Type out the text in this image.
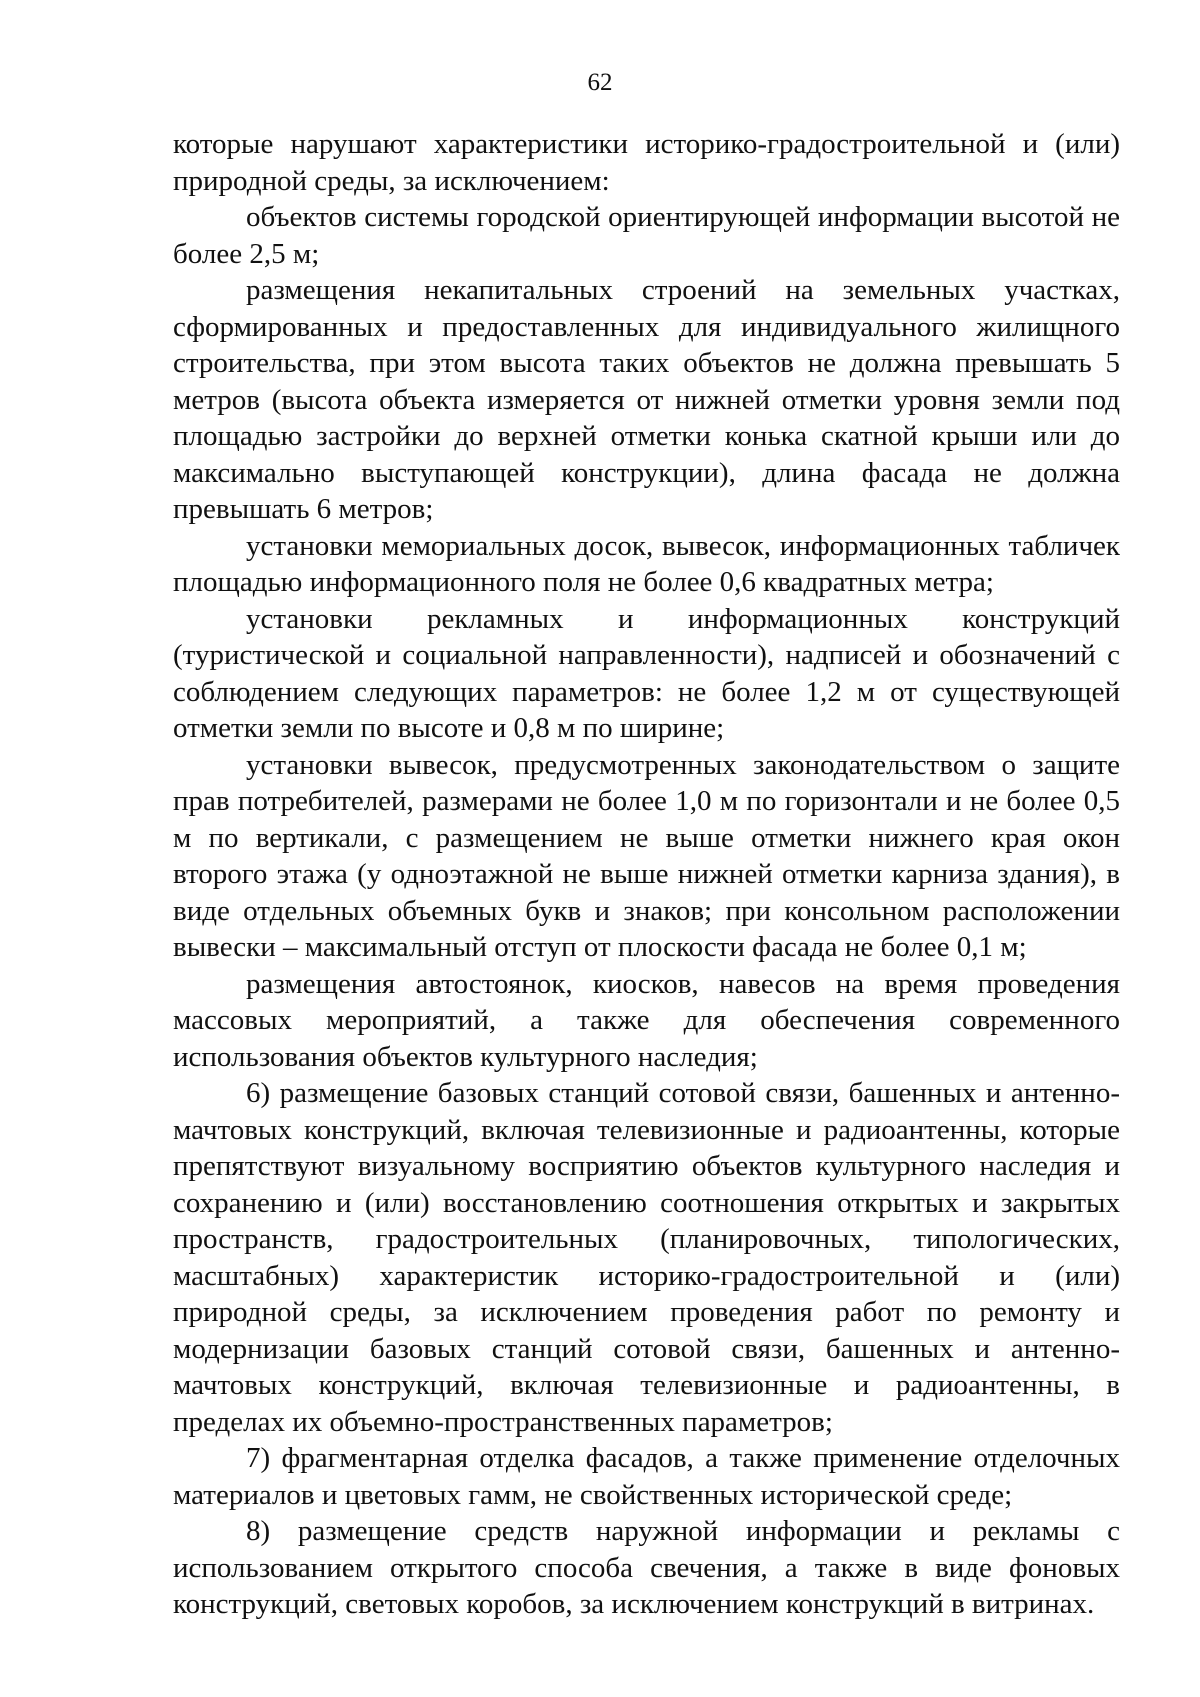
62

которые нарушают характеристики историко-градостроительной и (или) природной среды, за исключением:

объектов системы городской ориентирующей информации высотой не более 2,5 м;

размещения некапитальных строений на земельных участках, сформированных и предоставленных для индивидуального жилищного строительства, при этом высота таких объектов не должна превышать 5 метров (высота объекта измеряется от нижней отметки уровня земли под площадью застройки до верхней отметки конька скатной крыши или до максимально выступающей конструкции), длина фасада не должна превышать 6 метров;

установки мемориальных досок, вывесок, информационных табличек площадью информационного поля не более 0,6 квадратных метра;

установки рекламных и информационных конструкций (туристической и социальной направленности), надписей и обозначений с соблюдением следующих параметров: не более 1,2 м от существующей отметки земли по высоте и 0,8 м по ширине;

установки вывесок, предусмотренных законодательством о защите прав потребителей, размерами не более 1,0 м по горизонтали и не более 0,5 м по вертикали, с размещением не выше отметки нижнего края окон второго этажа (у одноэтажной не выше нижней отметки карниза здания), в виде отдельных объемных букв и знаков; при консольном расположении вывески – максимальный отступ от плоскости фасада не более 0,1 м;

размещения автостоянок, киосков, навесов на время проведения массовых мероприятий, а также для обеспечения современного использования объектов культурного наследия;

6) размещение базовых станций сотовой связи, башенных и антенно-мачтовых конструкций, включая телевизионные и радиоантенны, которые препятствуют визуальному восприятию объектов культурного наследия и сохранению и (или) восстановлению соотношения открытых и закрытых пространств, градостроительных (планировочных, типологических, масштабных) характеристик историко-градостроительной и (или) природной среды, за исключением проведения работ по ремонту и модернизации базовых станций сотовой связи, башенных и антенно-мачтовых конструкций, включая телевизионные и радиоантенны, в пределах их объемно-пространственных параметров;

7) фрагментарная отделка фасадов, а также применение отделочных материалов и цветовых гамм, не свойственных исторической среде;

8) размещение средств наружной информации и рекламы с использованием открытого способа свечения, а также в виде фоновых конструкций, световых коробов, за исключением конструкций в витринах.
